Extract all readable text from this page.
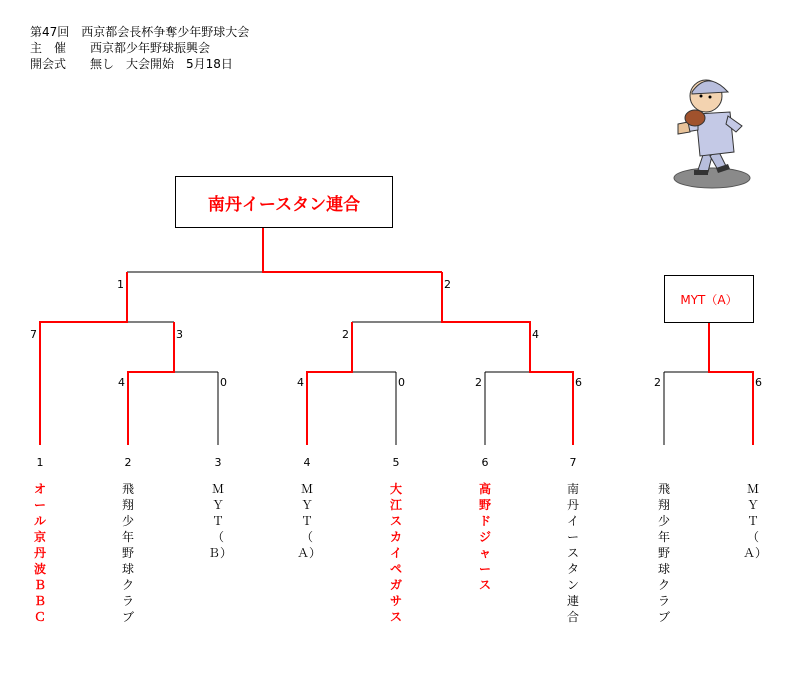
第47回　西京都会長杯争奪少年野球大会
主　催　　西京都少年野球振興会
開会式　　無し　大会開始　5月18日
南丹イースタン連合
MYT（A）
1	2
7	3	2	4
4	0	4	0	2	6	2	6
1	2	3	4	5	6	7
オール京丹波ＢＢＣ
飛翔少年野球クラブ
ＭＹＴ（Ｂ）
ＭＹＴ（Ａ）
大江スカイペガサス
高野ドジャース
南丹イースタン連合
飛翔少年野球クラブ
ＭＹＴ（Ａ）
